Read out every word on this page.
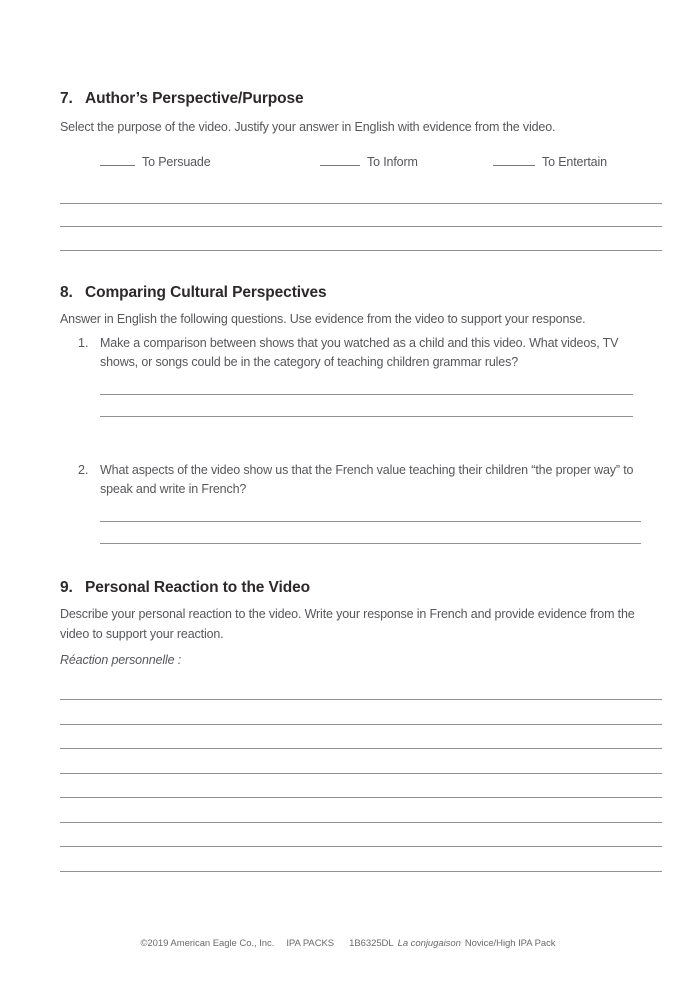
7. Author’s Perspective/Purpose

Select the purpose of the video. Justify your answer in English with evidence from the video.

To Persuade	To Inform	To Entertain
8. Comparing Cultural Perspectives

Answer in English the following questions. Use evidence from the video to support your response.

1. Make a comparison between shows that you watched as a child and this video. What videos, TV shows, or songs could be in the category of teaching children grammar rules?
2. What aspects of the video show us that the French value teaching their children “the proper way” to speak and write in French?
9. Personal Reaction to the Video

Describe your personal reaction to the video. Write your response in French and provide evidence from the video to support your reaction.

Réaction personnelle :

©2019 American Eagle Co., Inc. IPA PACKS 1B6325DL La conjugaison Novice/High IPA Pack
